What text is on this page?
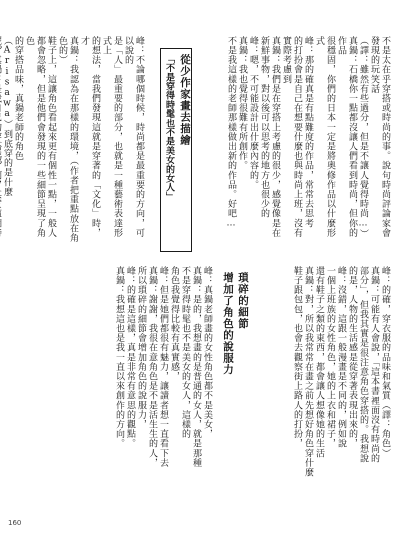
不是太在乎穿搭或時尚的事。說句時尚評論家會發現的玩笑話

（譯：雖然有些過分，但是不讓人覺得時尚…）

真鍋：石橋你一點都沒讓人們看到時尚，但你的作品

很穩固，你們的日本一定是將奧修作品以什麼形式

峰：那的確真是有點難度的作品，常常去思考

的打扮會是自己在想要什麼也與時尚上班，沒有實際考慮到

真鍋：我們是在穿搭上考慮的很少，感覺像是在

新鮮事物，對以後可以思考的地方也很少的

峰：嗯，不可能設計出什麼內容的。

真鍋：我也覺得很難有所創作。

不是我這樣的老師那樣做出新的作品。好吧…

峰：不論哪個時候，時尚都是最重要的方向，可以說的

是「人」最重要的部分，也就是一種藝術表達形式上

的想法，當我們發現這就是穿著的「文化」時，才

真鍋：我認為在那樣的環境，（作者把重點放在角色的）

鞋子上，這讓角色看起來更有個性一點，一般人

都會忽略，但是他們會發現的一些細節呈現了角色

的穿搭品味，真鍋老師的角色（Arisawa）到底穿的是什麼	從少作家畫去描繪
「不是穿得時髦也不是美女的女人」
瑣碎的細節
增加了角色的說服力	峰：的確，穿衣服的品味和氣質（譯：角色）

真鍋：可能有人會說，「這本書裡面沒有時尚的

部分」，但我其實是很注意角色穿搭的。我想說

的是，人物的生活感是從穿著表現出來的，

峰：沒錯，這跟一般漫畫是不同的，例如說

一個上班族的女性角色，她的上衣和裙子，

還有鞋子之類的東西，都會讓人想像她的生活

真鍋：對，所以我常常在畫之前先想好角色穿什麼

鞋子跟包包，也會去觀察街上路人的打扮，

峰：真鍋老師畫的女性角色都不是美女，

真鍋：是的，我想畫的是普通的女人，就是那種

不是穿得時髦也不是美女的女人，這樣的

角色我覺得比較有真實感，

峰：但是她們都很有魅力，讓讀者想一直看下去

真鍋：謝謝，我很在意角色是不是活生生的人，

所以瑣碎的細節會增加角色的說服力，

峰：的確是這樣，真是非常有意思的觀點。

真鍋：我想這也是我一直以來創作的方向。

160
